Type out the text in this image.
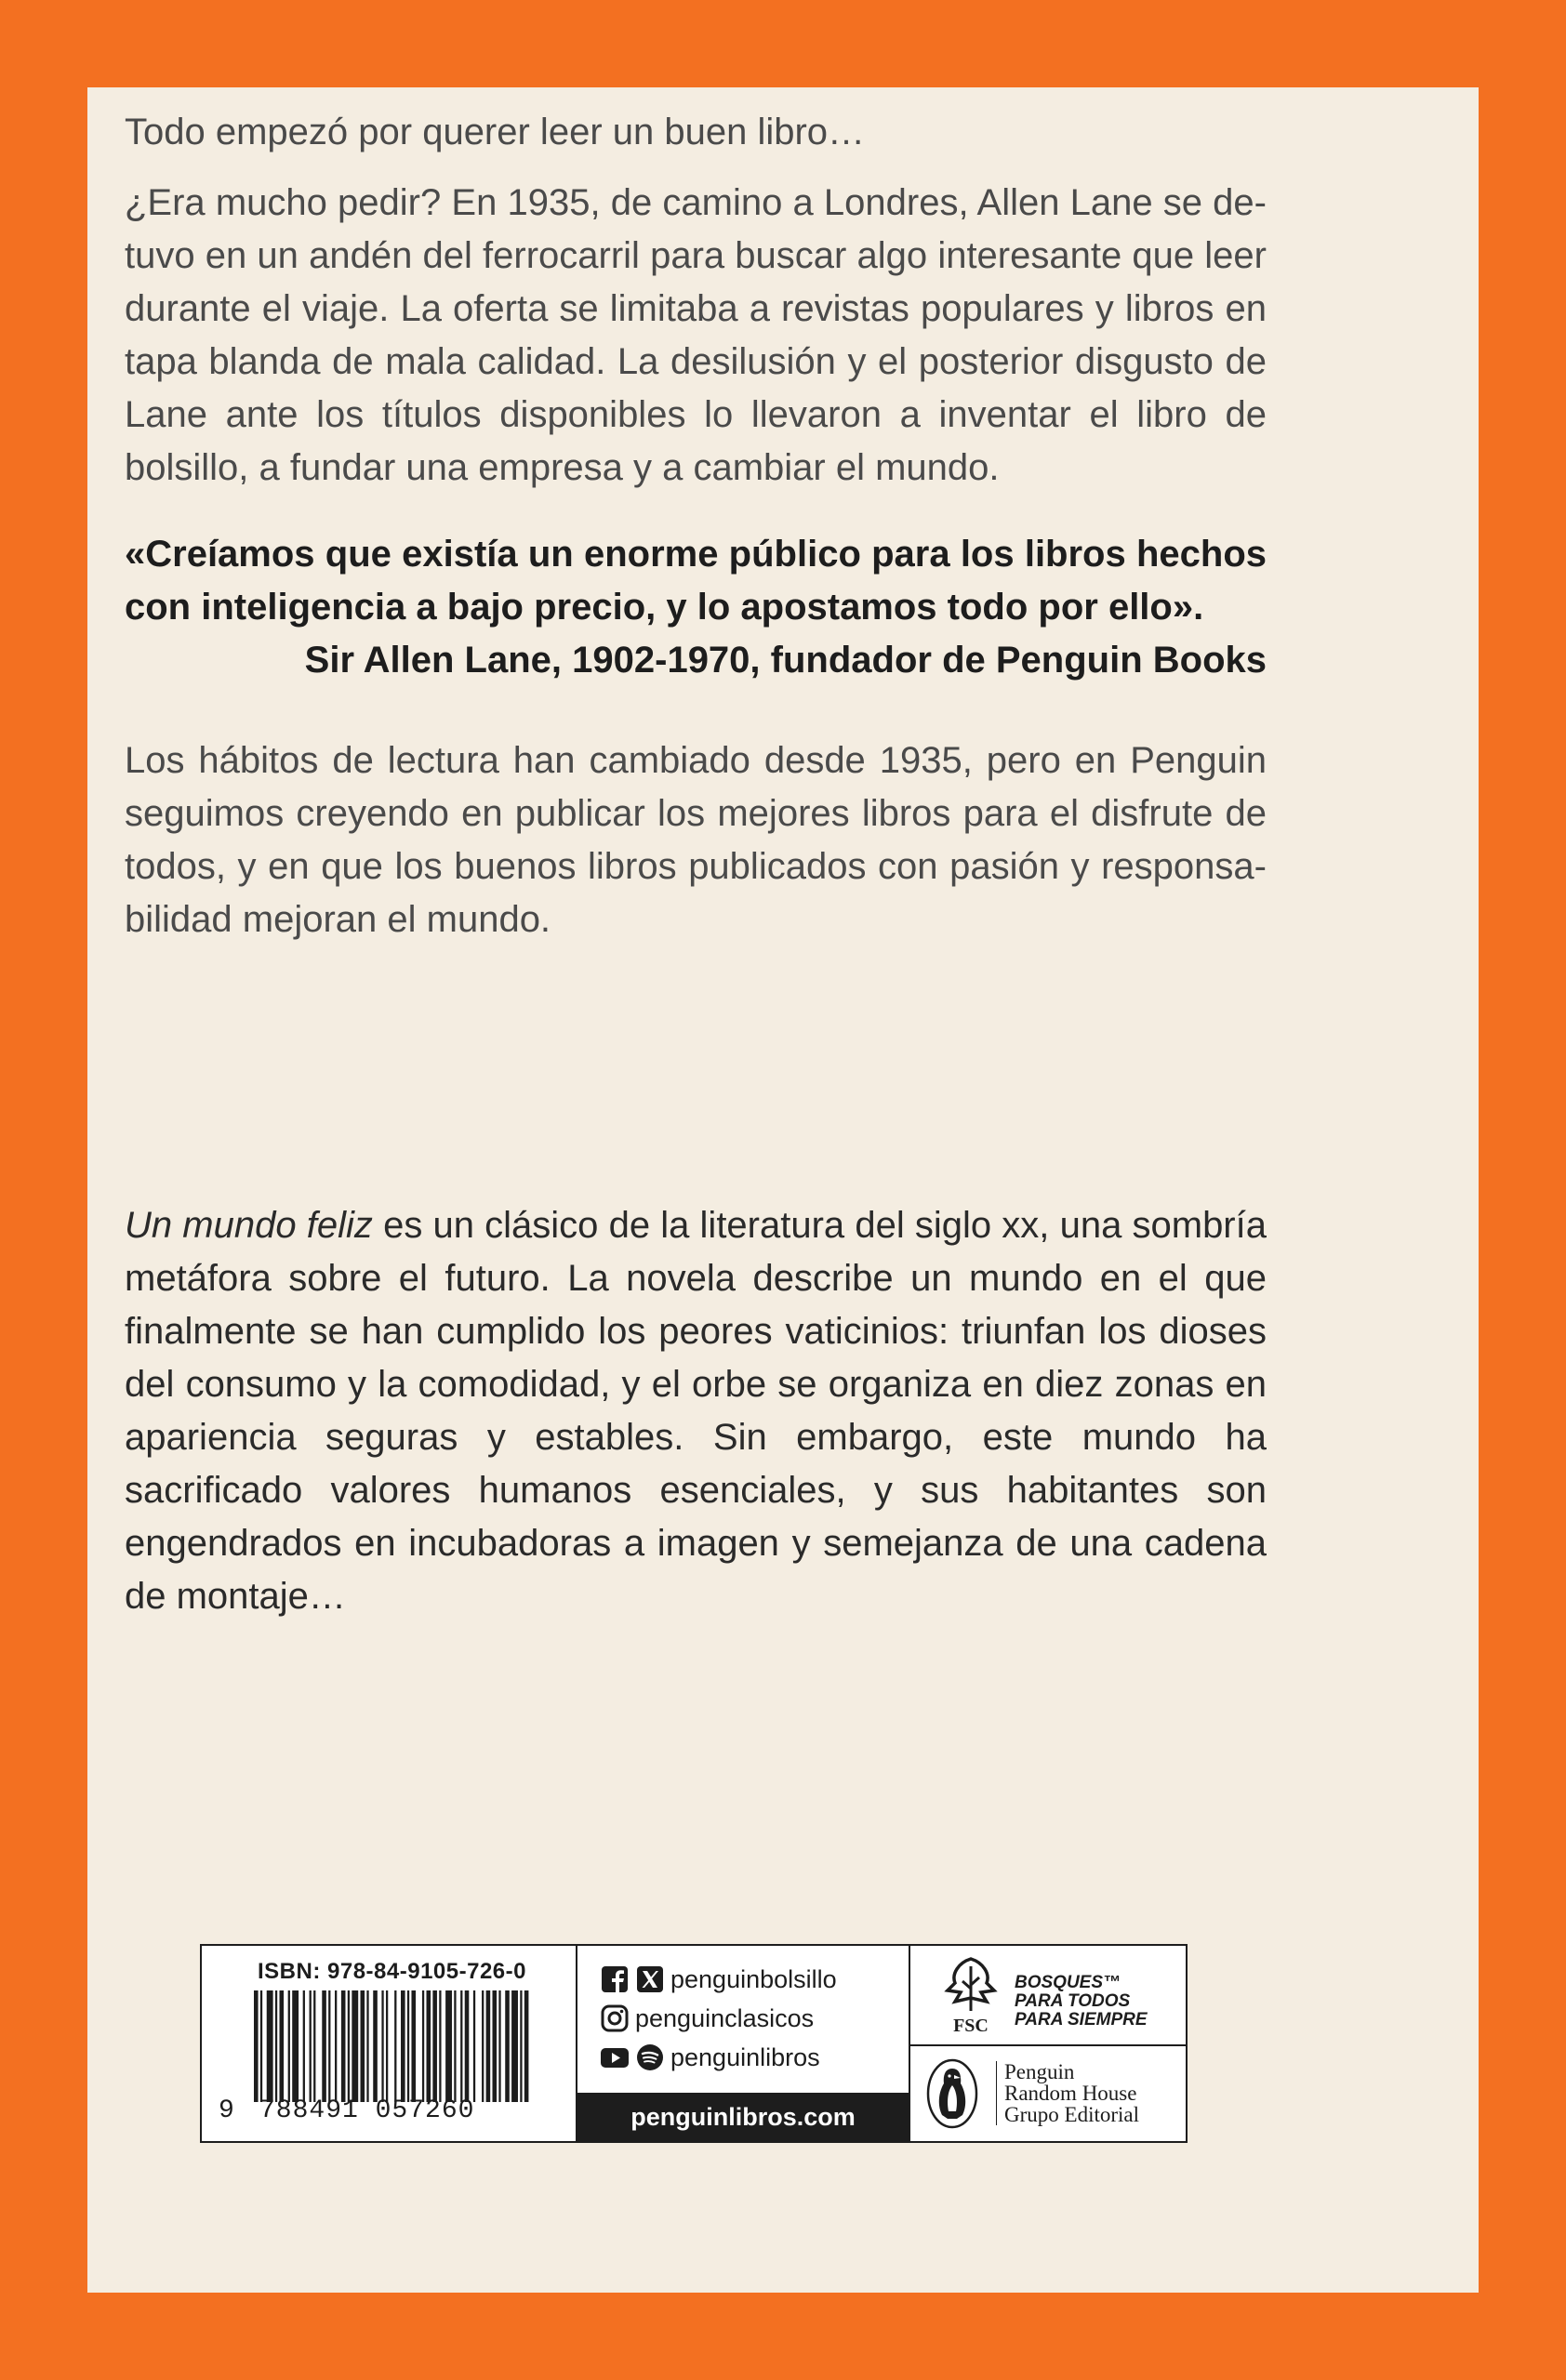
Todo empezó por querer leer un buen libro…

¿Era mucho pedir? En 1935, de camino a Londres, Allen Lane se detuvo en un andén del ferrocarril para buscar algo interesante que leer durante el viaje. La oferta se limitaba a revistas populares y libros en tapa blanda de mala calidad. La desilusión y el posterior disgusto de Lane ante los títulos disponibles lo llevaron a inventar el libro de bolsillo, a fundar una empresa y a cambiar el mundo.

«Creíamos que existía un enorme público para los libros hechos con inteligencia a bajo precio, y lo apostamos todo por ello».

Sir Allen Lane, 1902-1970, fundador de Penguin Books

Los hábitos de lectura han cambiado desde 1935, pero en Penguin seguimos creyendo en publicar los mejores libros para el disfrute de todos, y en que los buenos libros publicados con pasión y responsabilidad mejoran el mundo.

Un mundo feliz es un clásico de la literatura del siglo xx, una sombría metáfora sobre el futuro. La novela describe un mundo en el que finalmente se han cumplido los peores vaticinios: triunfan los dioses del consumo y la comodidad, y el orbe se organiza en diez zonas en apariencia seguras y estables. Sin embargo, este mundo ha sacrificado valores humanos esenciales, y sus habitantes son engendrados en incubadoras a imagen y semejanza de una cadena de montaje…

ISBN: 978-84-9105-726-0
9 788491 057260
penguinbolsillo
penguinclasicos
penguinlibros
penguinlibros.com
FSC
BOSQUES™
PARA TODOS
PARA SIEMPRE
Penguin
Random House
Grupo Editorial
